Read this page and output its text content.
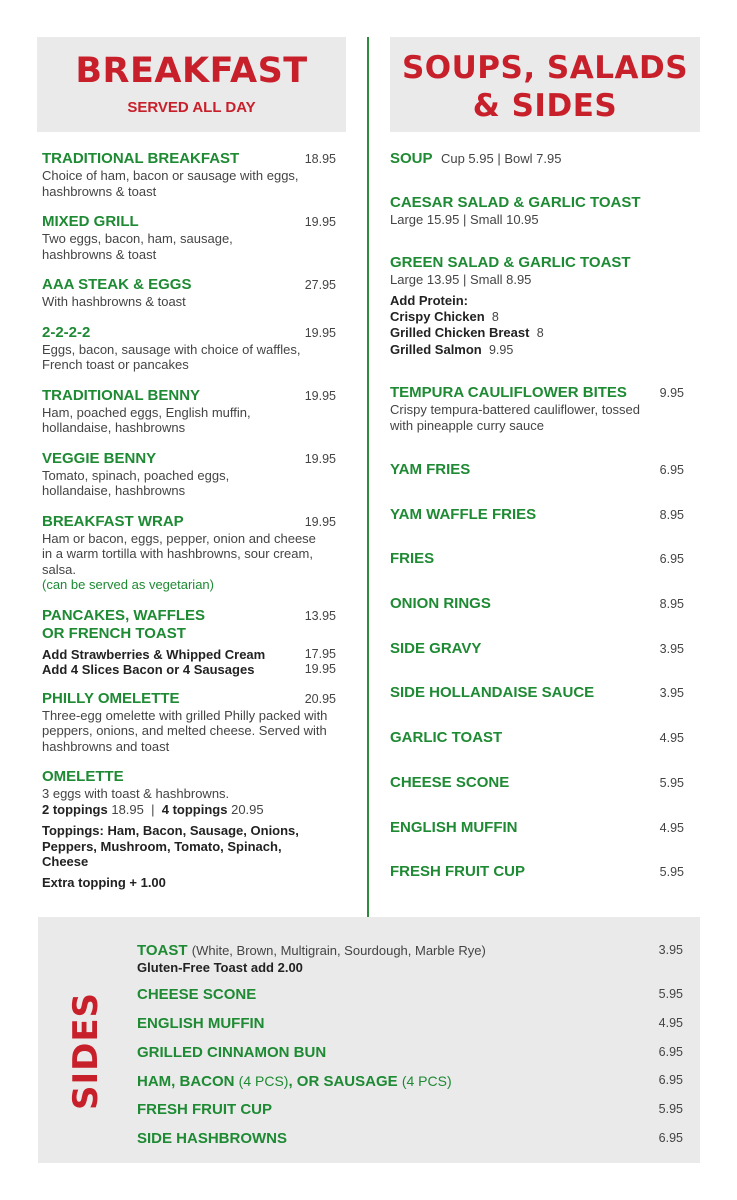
BREAKFAST
SERVED ALL DAY
SOUPS, SALADS
& SIDES
TRADITIONAL BREAKFAST	18.95
Choice of ham, bacon or sausage with eggs, hashbrowns & toast
MIXED GRILL	19.95
Two eggs, bacon, ham, sausage, hashbrowns & toast
AAA STEAK & EGGS	27.95
With hashbrowns & toast
2-2-2-2	19.95
Eggs, bacon, sausage with choice of waffles, French toast or pancakes
TRADITIONAL BENNY	19.95
Ham, poached eggs, English muffin, hollandaise, hashbrowns
VEGGIE BENNY	19.95
Tomato, spinach, poached eggs, hollandaise, hashbrowns
BREAKFAST WRAP	19.95
Ham or bacon, eggs, pepper, onion and cheese in a warm tortilla with hashbrowns, sour cream, salsa.
(can be served as vegetarian)
PANCAKES, WAFFLES
OR FRENCH TOAST
13.95
Add Strawberries & Whipped Cream	17.95
Add 4 Slices Bacon or 4 Sausages	19.95
PHILLY OMELETTE	20.95
Three-egg omelette with grilled Philly packed with peppers, onions, and melted cheese. Served with hashbrowns and toast
OMELETTE
3 eggs with toast & hashbrowns.
2 toppings 18.95 | 4 toppings 20.95
Toppings: Ham, Bacon, Sausage, Onions, Peppers, Mushroom, Tomato, Spinach, Cheese
Extra topping + 1.00
SOUP Cup 5.95 | Bowl 7.95
CAESAR SALAD & GARLIC TOAST
Large 15.95 | Small 10.95
GREEN SALAD & GARLIC TOAST
Large 13.95 | Small 8.95
Add Protein:
Crispy Chicken 8
Grilled Chicken Breast 8
Grilled Salmon 9.95
TEMPURA CAULIFLOWER BITES	9.95
Crispy tempura-battered cauliflower, tossed with pineapple curry sauce
YAM FRIES	6.95
YAM WAFFLE FRIES	8.95
FRIES	6.95
ONION RINGS	8.95
SIDE GRAVY	3.95
SIDE HOLLANDAISE SAUCE	3.95
GARLIC TOAST	4.95
CHEESE SCONE	5.95
ENGLISH MUFFIN	4.95
FRESH FRUIT CUP	5.95
SIDES
TOAST (White, Brown, Multigrain, Sourdough, Marble Rye)	3.95
Gluten-Free Toast add 2.00
CHEESE SCONE	5.95
ENGLISH MUFFIN	4.95
GRILLED CINNAMON BUN	6.95
HAM, BACON (4 PCS), OR SAUSAGE (4 PCS)	6.95
FRESH FRUIT CUP	5.95
SIDE HASHBROWNS	6.95
